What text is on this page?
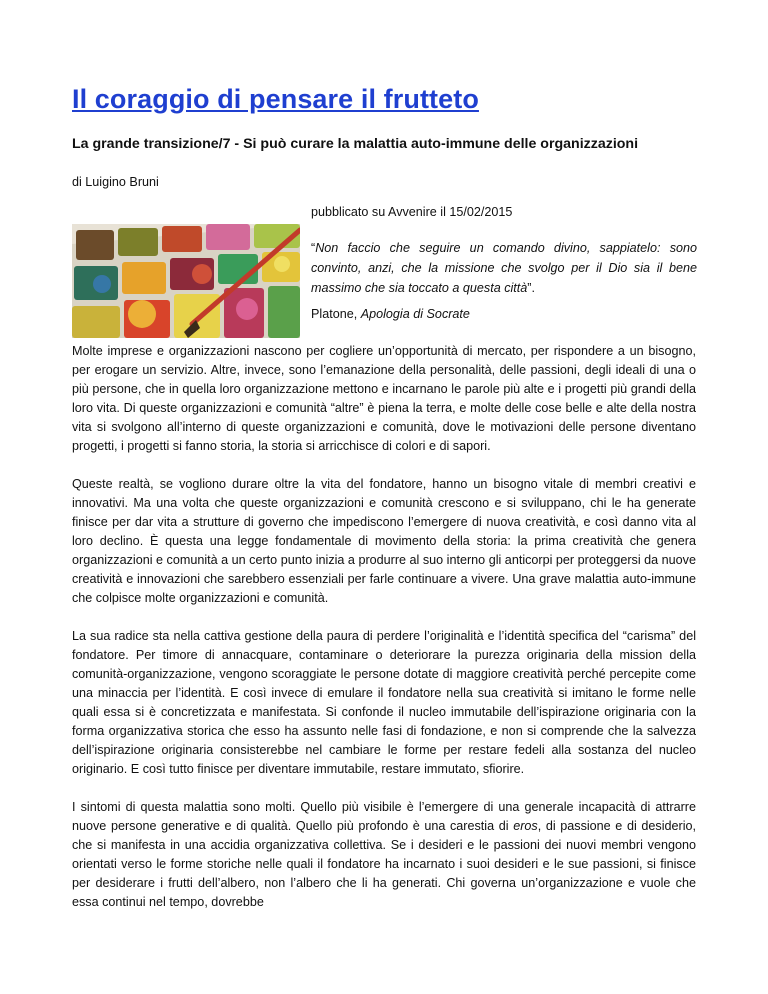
Il coraggio di pensare il frutteto

La grande transizione/7 - Si può curare la malattia auto-immune delle organizzazioni

di Luigino Bruni

pubblicato su Avvenire il 15/02/2015

“Non faccio che seguire un comando divino, sappiatelo: sono convinto, anzi, che la missione che svolgo per il Dio sia il bene massimo che sia toccato a questa città”.

Platone, Apologia di Socrate

Molte imprese e organizzazioni nascono per cogliere un’opportunità di mercato, per rispondere a un bisogno, per erogare un servizio. Altre, invece, sono l’emanazione della personalità, delle passioni, degli ideali di una o più persone, che in quella loro organizzazione mettono e incarnano le parole più alte e i progetti più grandi della loro vita. Di queste organizzazioni e comunità “altre” è piena la terra, e molte delle cose belle e alte della nostra vita si svolgono all’interno di queste organizzazioni e comunità, dove le motivazioni delle persone diventano progetti, i progetti si fanno storia, la storia si arricchisce di colori e di sapori.

Queste realtà, se vogliono durare oltre la vita del fondatore, hanno un bisogno vitale di membri creativi e innovativi. Ma una volta che queste organizzazioni e comunità crescono e si sviluppano, chi le ha generate finisce per dar vita a strutture di governo che impediscono l’emergere di nuova creatività, e così danno vita al loro declino. È questa una legge fondamentale di movimento della storia: la prima creatività che genera organizzazioni e comunità a un certo punto inizia a produrre al suo interno gli anticorpi per proteggersi da nuove creatività e innovazioni che sarebbero essenziali per farle continuare a vivere. Una grave malattia auto-immune che colpisce molte organizzazioni e comunità.

La sua radice sta nella cattiva gestione della paura di perdere l’originalità e l’identità specifica del “carisma” del fondatore. Per timore di annacquare, contaminare o deteriorare la purezza originaria della mission della comunità-organizzazione, vengono scoraggiate le persone dotate di maggiore creatività perché percepite come una minaccia per l’identità. E così invece di emulare il fondatore nella sua creatività si imitano le forme nelle quali essa si è concretizzata e manifestata. Si confonde il nucleo immutabile dell’ispirazione originaria con la forma organizzativa storica che esso ha assunto nelle fasi di fondazione, e non si comprende che la salvezza dell’ispirazione originaria consisterebbe nel cambiare le forme per restare fedeli alla sostanza del nucleo originario. E così tutto finisce per diventare immutabile, restare immutato, sfiorire.

I sintomi di questa malattia sono molti. Quello più visibile è l’emergere di una generale incapacità di attrarre nuove persone generative e di qualità. Quello più profondo è una carestia di eros, di passione e di desiderio, che si manifesta in una accidia organizzativa collettiva. Se i desideri e le passioni dei nuovi membri vengono orientati verso le forme storiche nelle quali il fondatore ha incarnato i suoi desideri e le sue passioni, si finisce per desiderare i frutti dell’albero, non l’albero che li ha generati. Chi governa un’organizzazione e vuole che essa continui nel tempo, dovrebbe
